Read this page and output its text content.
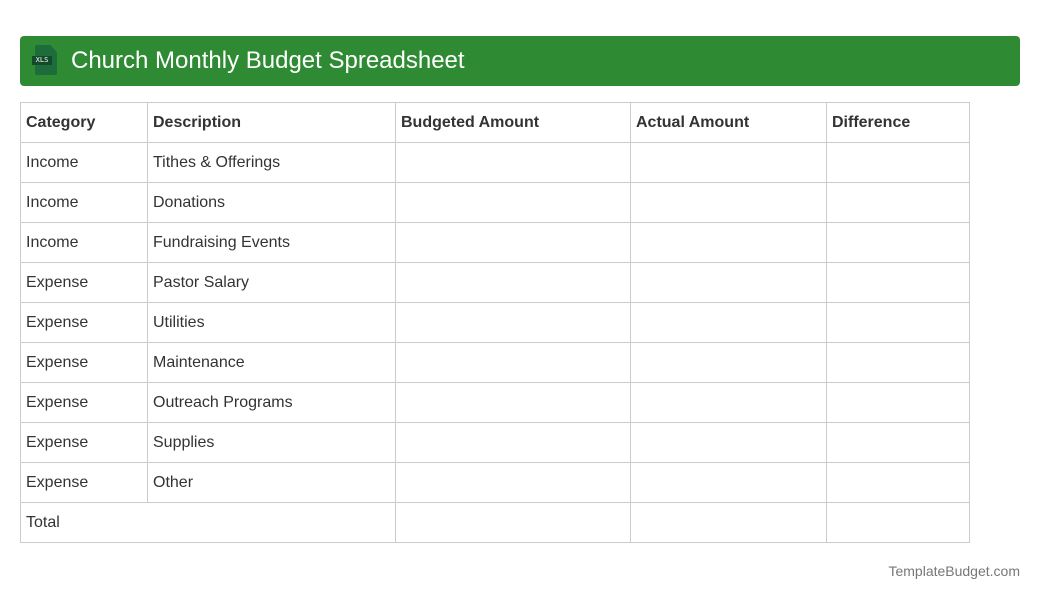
XLS Church Monthly Budget Spreadsheet
Category	Description	Budgeted Amount	Actual Amount	Difference
Income	Tithes & Offerings			
Income	Donations			
Income	Fundraising Events			
Expense	Pastor Salary			
Expense	Utilities			
Expense	Maintenance			
Expense	Outreach Programs			
Expense	Supplies			
Expense	Other			
Total				
TemplateBudget.com
